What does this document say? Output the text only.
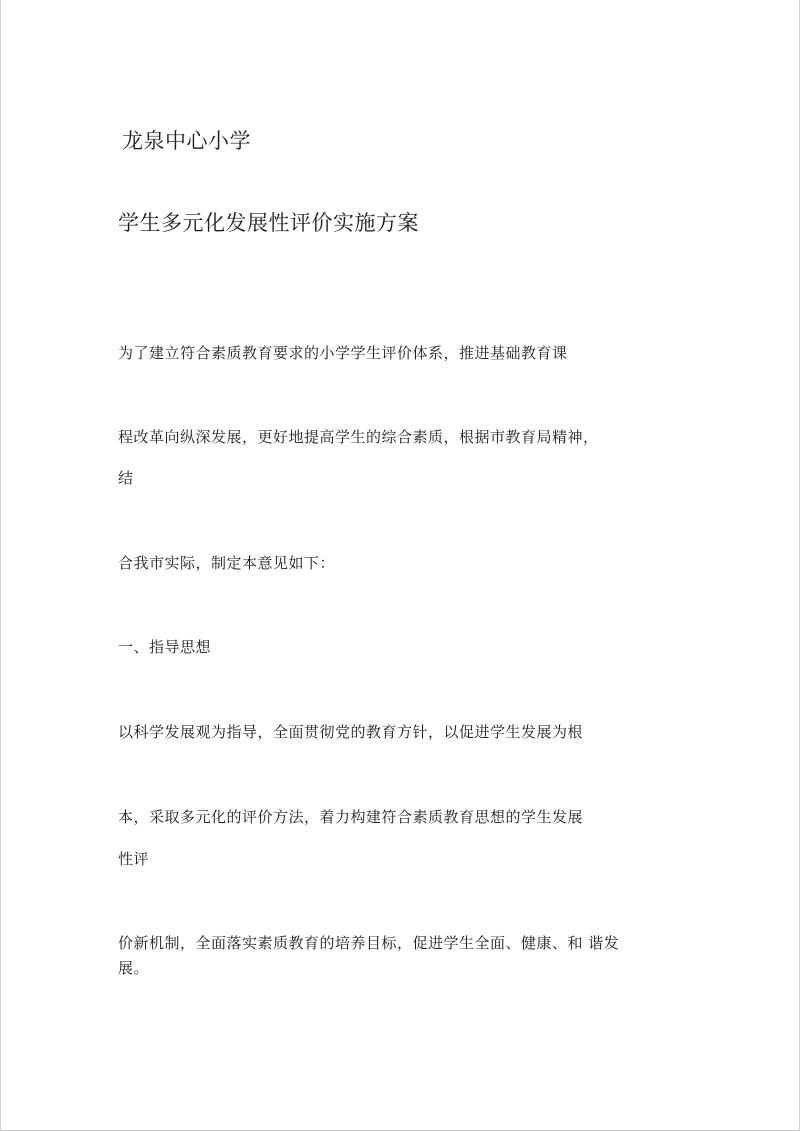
龙泉中心小学
学生多元化发展性评价实施方案
为了建立符合素质教育要求的小学学生评价体系，推进基础教育课
程改革向纵深发展，更好地提高学生的综合素质，根据市教育局精神，
结
合我市实际，制定本意见如下：
一、指导思想
以科学发展观为指导，全面贯彻党的教育方针，以促进学生发展为根
本，采取多元化的评价方法，着力构建符合素质教育思想的学生发展
性评
价新机制，全面落实素质教育的培养目标，促进学生全面、健康、和 谐发
展。
